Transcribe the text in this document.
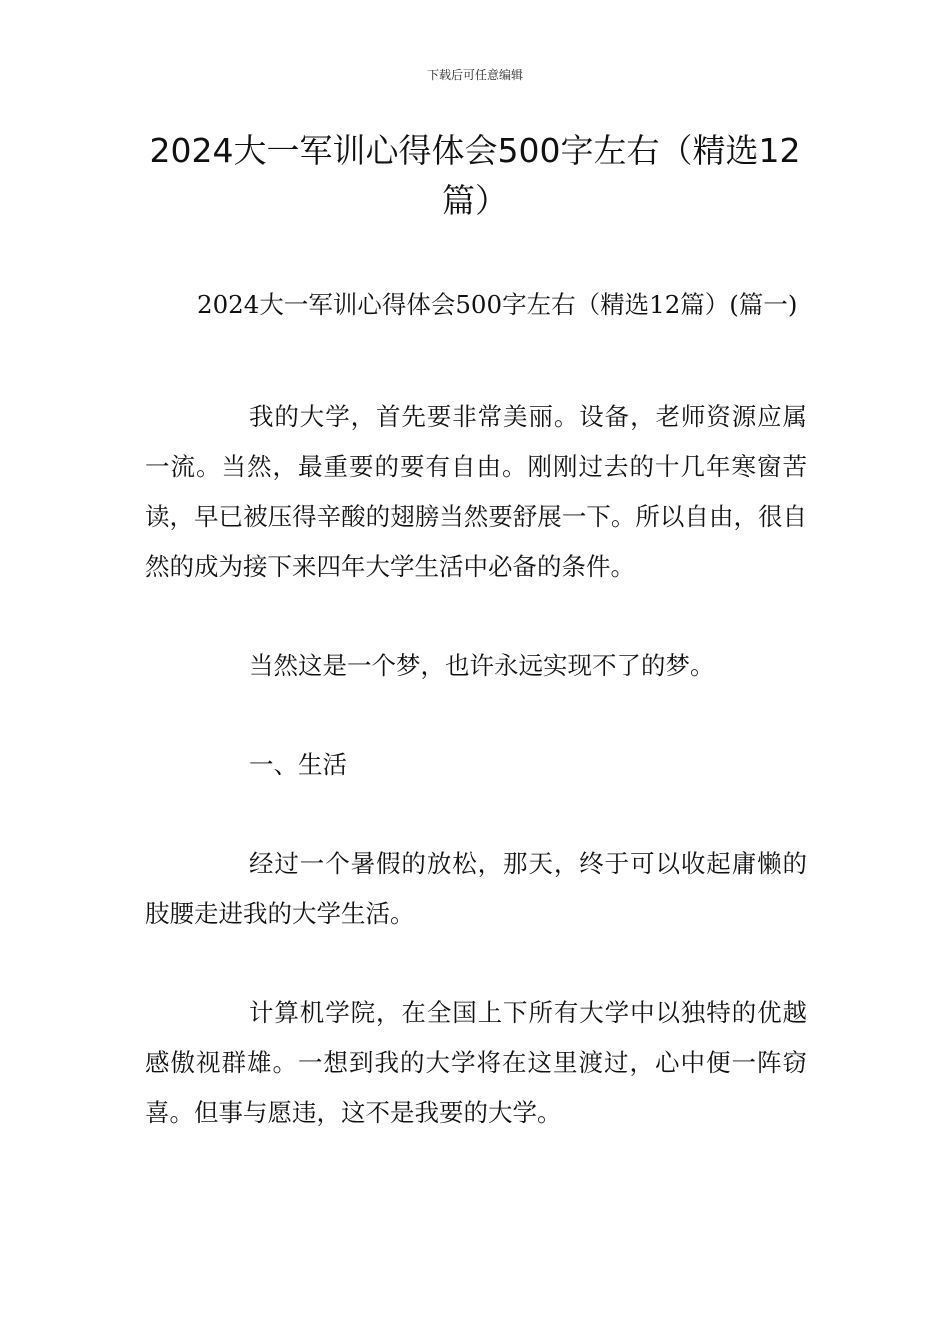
下载后可任意编辑
2024大一军训心得体会500字左右（精选12篇）

2024大一军训心得体会500字左右（精选12篇）(篇一)

我的大学，首先要非常美丽。设备，老师资源应属一流。当然，最重要的要有自由。刚刚过去的十几年寒窗苦读，早已被压得辛酸的翅膀当然要舒展一下。所以自由，很自然的成为接下来四年大学生活中必备的条件。

当然这是一个梦，也许永远实现不了的梦。

一、生活

经过一个暑假的放松，那天，终于可以收起庸懒的肢腰走进我的大学生活。

计算机学院，在全国上下所有大学中以独特的优越感傲视群雄。一想到我的大学将在这里渡过，心中便一阵窃喜。但事与愿违，这不是我要的大学。
